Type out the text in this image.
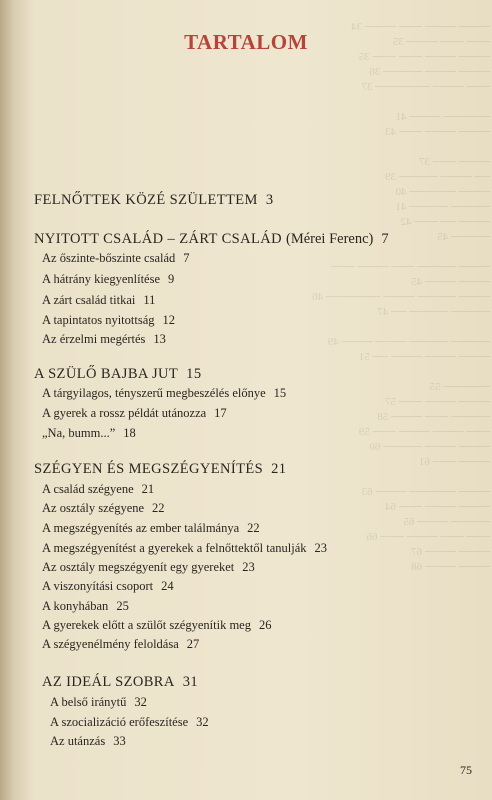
──── ──── ─── ──── 34
─── ─── ──── 35
──── ──── ─── ─── 35
──── ──── ───── 36
─── ──── ─────── 37

────── ──── 41
──── ──── ─── 43

──── ─── 37
── ──── ───── 39
──── ────── 40
───── ───── 41
──── ── ─── 42
───── 45

──── ───── ─── ──── ───
──── ──── 45
──── ───── ──── ─────── 46
───── ───── ── 47

───── ───── ──── ──── 49
──── ──── ──── ── 51

────── 55
──── ──── ─── 57
───── ─── ──── 58
─── ──── ──── ─── 59
──── ──── ───── 60
──── ─── 61

──── ────── ──── 63
──── ──── ─── 64
───── ──── 65
─── ─── ──── ─── 66
──── ──── 67
──── ──── 68
TARTALOM

FELNŐTTEK KÖZÉ SZÜLETTEM 3

NYITOTT CSALÁD – ZÁRT CSALÁD (Mérei Ferenc) 7

Az őszinte-bőszinte család 7

A hátrány kiegyenlítése 9

A zárt család titkai 11

A tapintatos nyitottság 12

Az érzelmi megértés 13

A SZÜLŐ BAJBA JUT 15

A tárgyilagos, tényszerű megbeszélés előnye 15

A gyerek a rossz példát utánozza 17

„Na, bumm...” 18

SZÉGYEN ÉS MEGSZÉGYENÍTÉS 21

A család szégyene 21

Az osztály szégyene 22

A megszégyenítés az ember találmánya 22

A megszégyenítést a gyerekek a felnőttektől tanulják 23

Az osztály megszégyenít egy gyereket 23

A viszonyítási csoport 24

A konyhában 25

A gyerekek előtt a szülőt szégyenítik meg 26

A szégyenélmény feloldása 27

AZ IDEÁL SZOBRA 31

A belső iránytű 32

A szocializáció erőfeszítése 32

Az utánzás 33

75
